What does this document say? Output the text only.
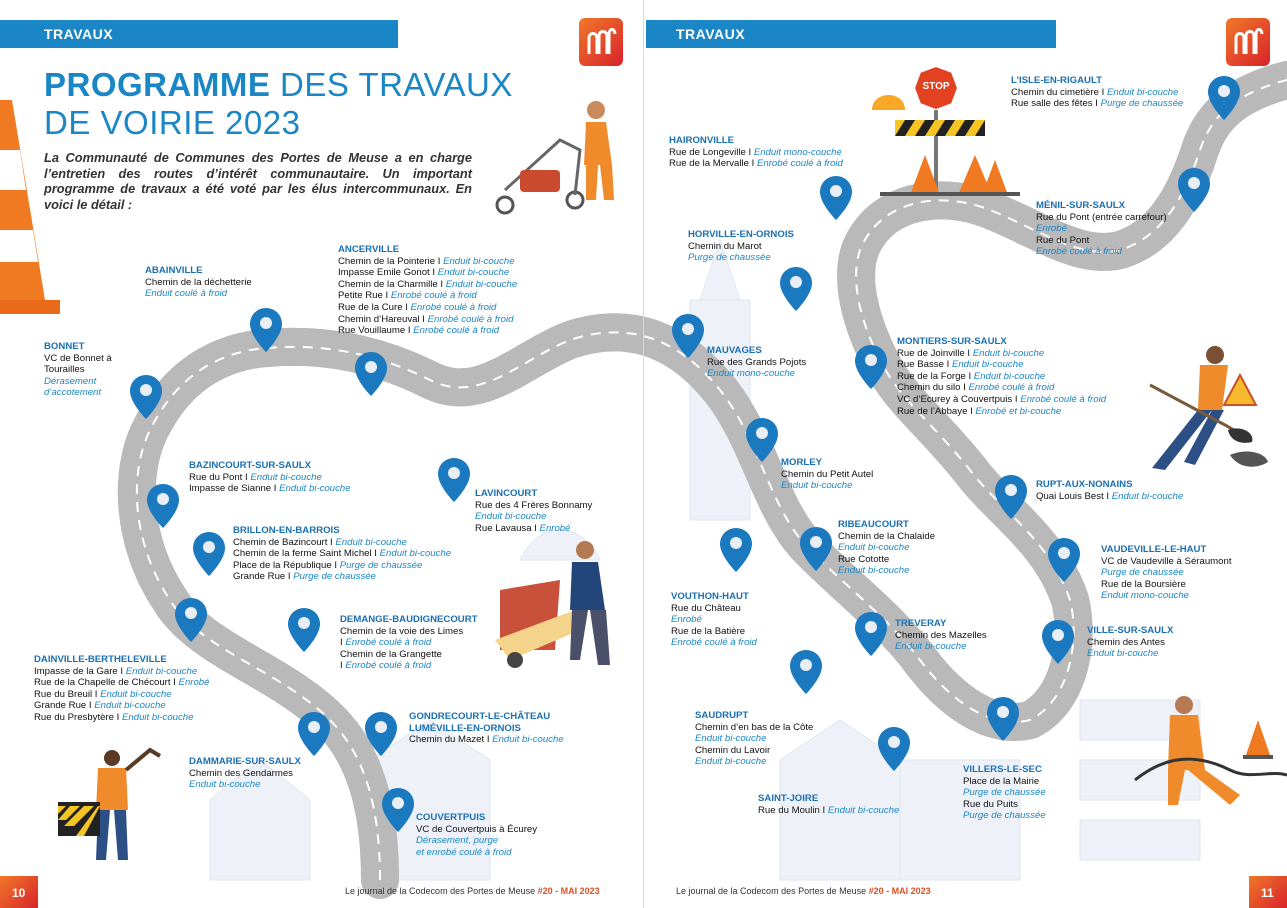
STOP
TRAVAUX	TRAVAUX
PROGRAMME DES TRAVAUX
DE VOIRIE 2023

La Communauté de Communes des Portes de Meuse a en charge l’entretien des routes d’intérêt communautaire. Un important programme de travaux a été voté par les élus intercommunaux. En voici le détail :

ABAINVILLE
Chemin de la déchetterie
Enduit coulé à froid
BONNET
VC de Bonnet à
Tourailles
Dérasement
d’accotement
ANCERVILLE
Chemin de la Pointerie I Enduit bi-couche
Impasse Emile Gonot I Enduit bi-couche
Chemin de la Charmille I Enduit bi-couche
Petite Rue I Enrobé coulé à froid
Rue de la Cure I Enrobé coulé à froid
Chemin d’Hareuval I Enrobé coulé à froid
Rue Vouillaume I Enrobé coulé à froid
BAZINCOURT-SUR-SAULX
Rue du Pont I Enduit bi-couche
Impasse de Sianne I Enduit bi-couche	LAVINCOURT
Rue des 4 Frères Bonnamy
Enduit bi-couche
Rue Lavausa I Enrobé
BRILLON-EN-BARROIS
Chemin de Bazincourt I Enduit bi-couche
Chemin de la ferme Saint Michel I Enduit bi-couche
Place de la République I Purge de chaussée
Grande Rue I Purge de chaussée
DEMANGE-BAUDIGNECOURT
Chemin de la voie des Limes
I Enrobé coulé à froid
Chemin de la Grangette
I Enrobé coulé à froid
DAINVILLE-BERTHELEVILLE
Impasse de la Gare I Enduit bi-couche
Rue de la Chapelle de Chécourt I Enrobé
Rue du Breuil I Enduit bi-couche
Grande Rue I Enduit bi-couche
Rue du Presbytère I Enduit bi-couche	GONDRECOURT-LE-CHÂTEAU
LUMÉVILLE-EN-ORNOIS
Chemin du Mazet I Enduit bi-couche
DAMMARIE-SUR-SAULX
Chemin des Gendarmes
Enduit bi-couche
COUVERTPUIS
VC de Couvertpuis à Écurey
Dérasement, purge
et enrobé coulé à froid
HAIRONVILLE
Rue de Longeville I Enduit mono-couche
Rue de la Mervalle I Enrobé coulé à froid
L’ISLE-EN-RIGAULT
Chemin du cimetière I Enduit bi-couche
Rue salle des fêtes I Purge de chaussée
HORVILLE-EN-ORNOIS
Chemin du Marot
Purge de chaussée
MÉNIL-SUR-SAULX
Rue du Pont (entrée carrefour)
Enrobé
Rue du Pont
Enrobé coulé à froid
MAUVAGES
Rue des Grands Pojots
Enduit mono-couche
MONTIERS-SUR-SAULX
Rue de Joinville I Enduit bi-couche
Rue Basse I Enduit bi-couche
Rue de la Forge I Enduit bi-couche
Chemin du silo I Enrobé coulé à froid
VC d’Ecurey à Couvertpuis I Enrobé coulé à froid
Rue de l’Abbaye I Enrobé et bi-couche
MORLEY
Chemin du Petit Autel
Enduit bi-couche	RUPT-AUX-NONAINS
Quai Louis Best I Enduit bi-couche
RIBEAUCOURT
Chemin de la Chalaide
Enduit bi-couche
Rue Cototte
Enduit bi-couche
VAUDEVILLE-LE-HAUT
VC de Vaudeville à Séraumont
Purge de chaussée
Rue de la Boursière
Enduit mono-couche
VOUTHON-HAUT
Rue du Château
Enrobé
Rue de la Batière
Enrobé coulé à froid
TREVERAY
Chemin des Mazelles
Enduit bi-couche
VILLE-SUR-SAULX
Chemin des Antes
Enduit bi-couche
SAUDRUPT
Chemin d’en bas de la Côte
Enduit bi-couche
Chemin du Lavoir
Enduit bi-couche
VILLERS-LE-SEC
Place de la Mairie
Purge de chaussée
Rue du Puits
Purge de chaussée
SAINT-JOIRE
Rue du Moulin I Enduit bi-couche
10	11
Le journal de la Codecom des Portes de Meuse #20 - MAI 2023	Le journal de la Codecom des Portes de Meuse #20 - MAI 2023
